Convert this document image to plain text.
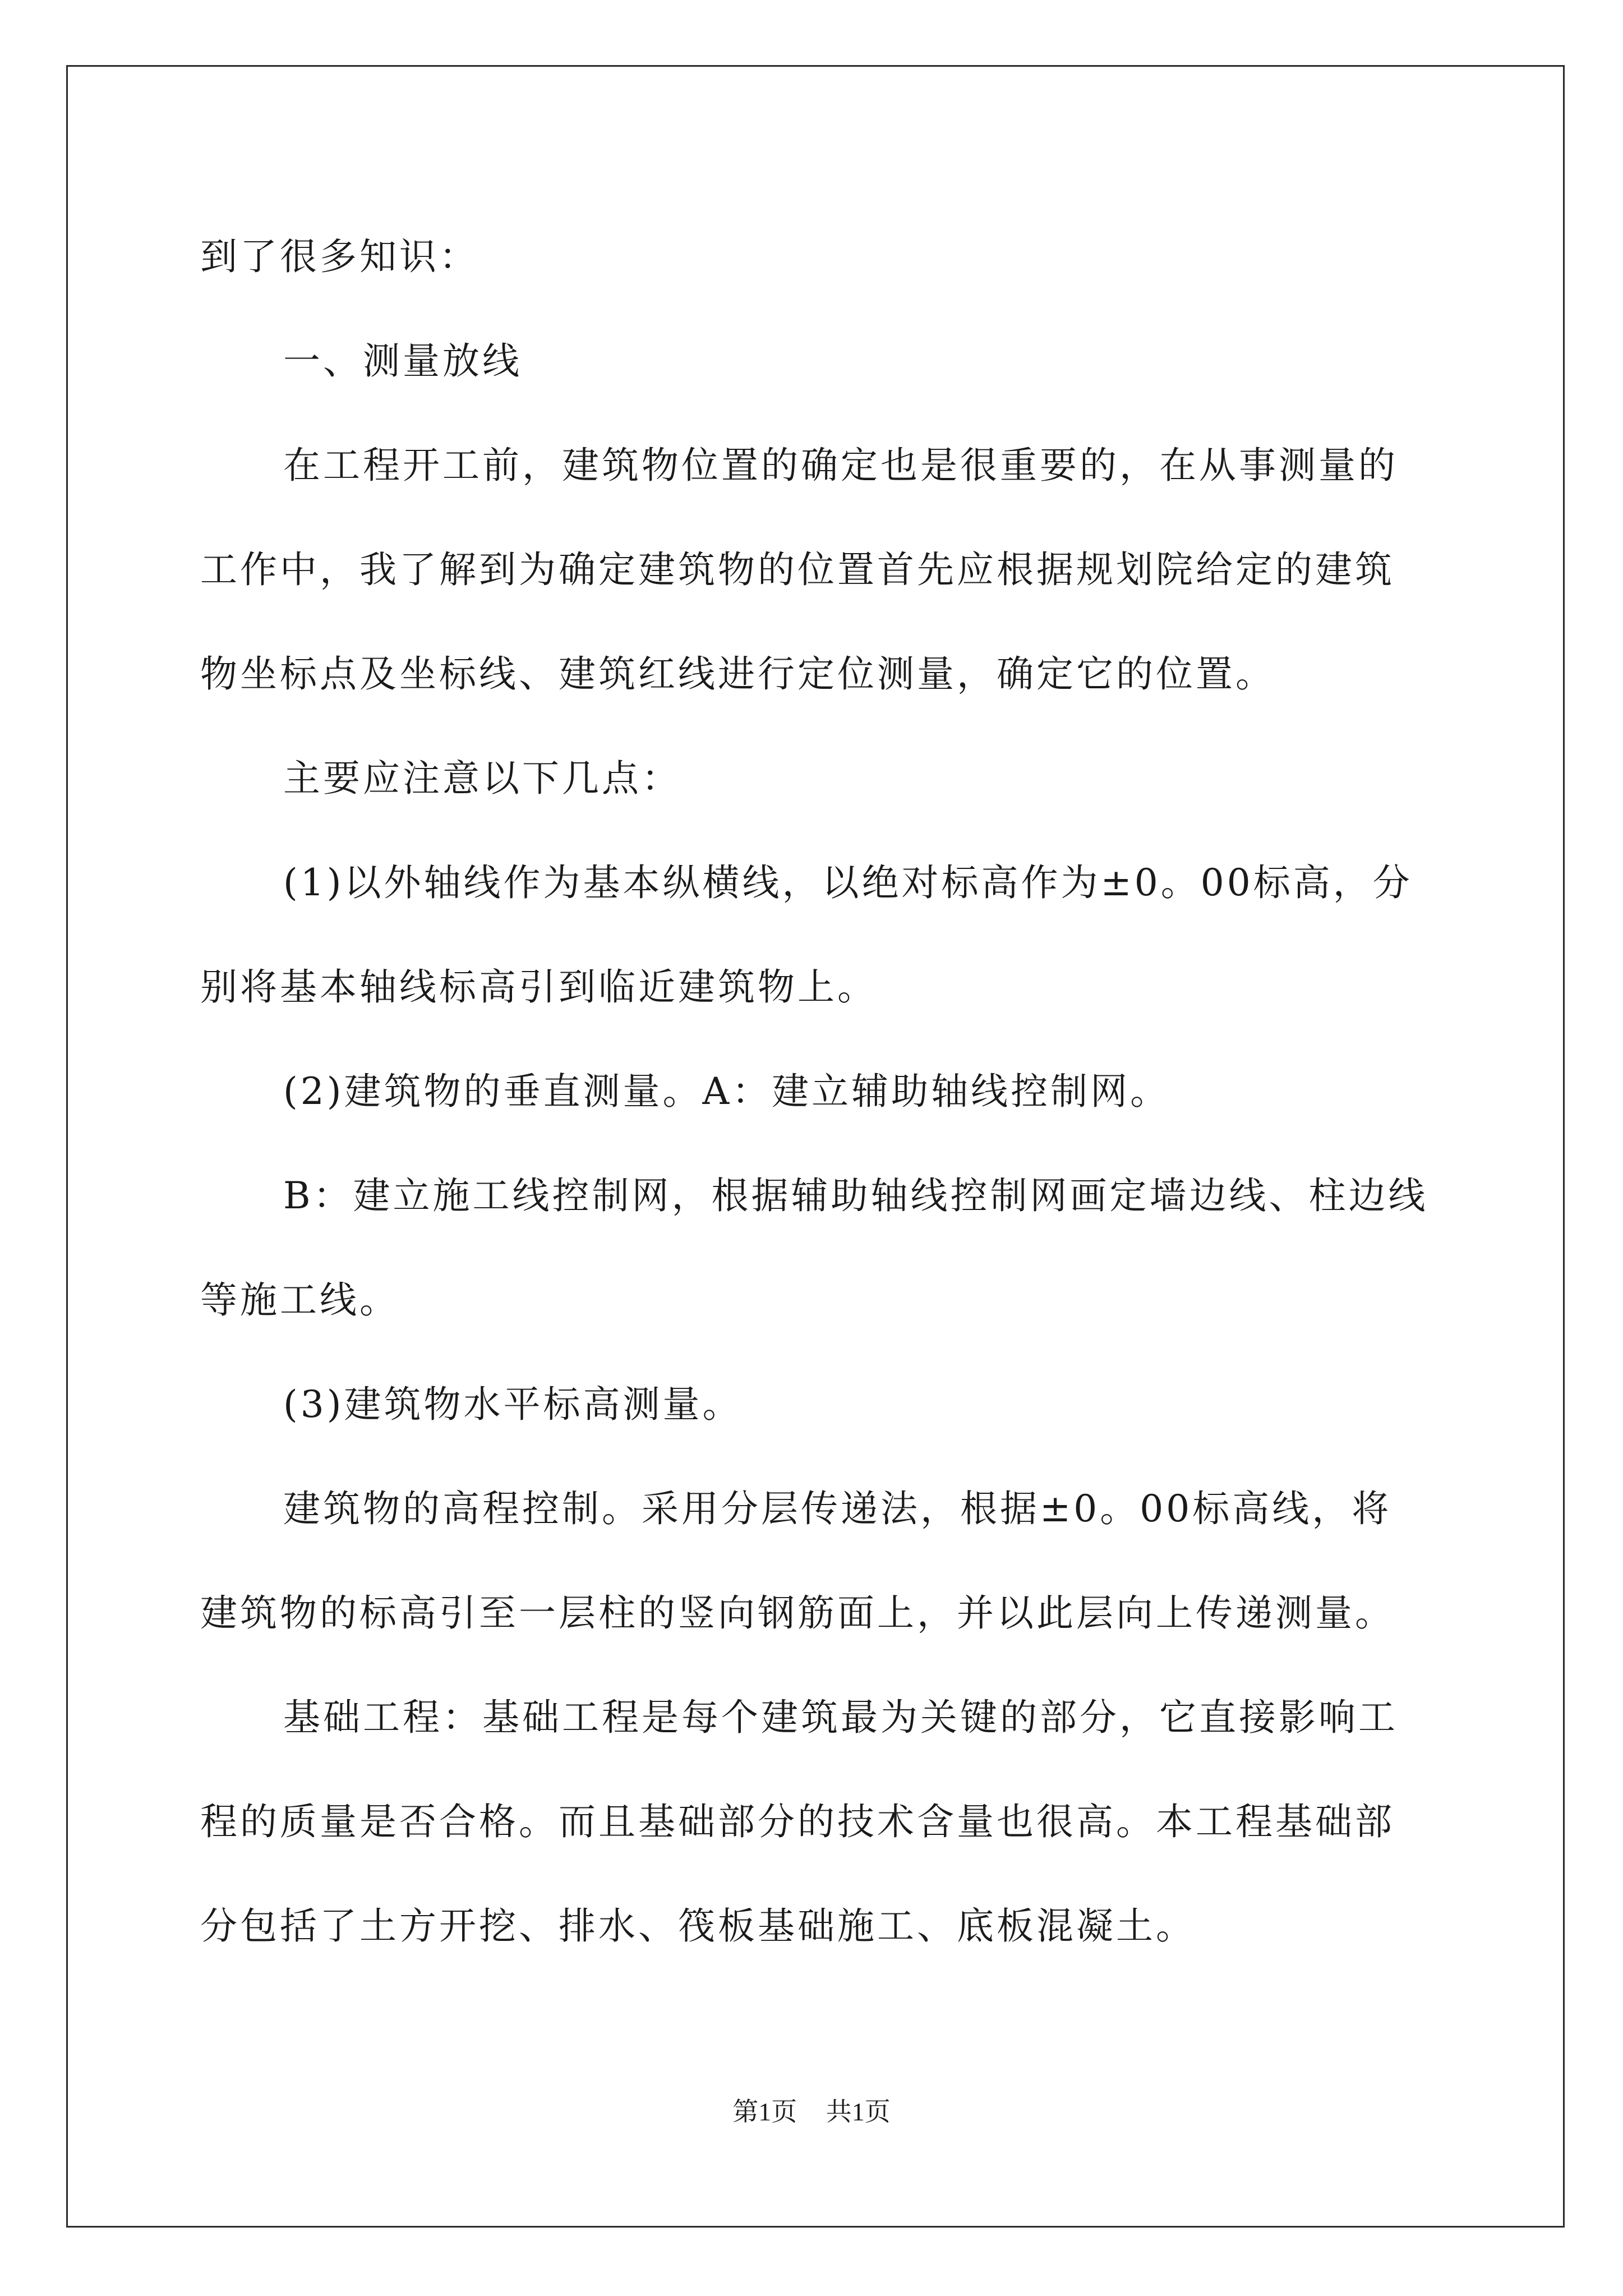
到了很多知识：

一、测量放线

在工程开工前，建筑物位置的确定也是很重要的，在从事测量的工作中，我了解到为确定建筑物的位置首先应根据规划院给定的建筑物坐标点及坐标线、建筑红线进行定位测量，确定它的位置。

主要应注意以下几点：

(1)以外轴线作为基本纵横线，以绝对标高作为±0。00标高，分别将基本轴线标高引到临近建筑物上。

(2)建筑物的垂直测量。A：建立辅助轴线控制网。

B：建立施工线控制网，根据辅助轴线控制网画定墙边线、柱边线等施工线。

(3)建筑物水平标高测量。

建筑物的高程控制。采用分层传递法，根据±0。00标高线，将建筑物的标高引至一层柱的竖向钢筋面上，并以此层向上传递测量。

基础工程：基础工程是每个建筑最为关键的部分，它直接影响工程的质量是否合格。而且基础部分的技术含量也很高。本工程基础部分包括了土方开挖、排水、筏板基础施工、底板混凝土。

第1页 共1页
